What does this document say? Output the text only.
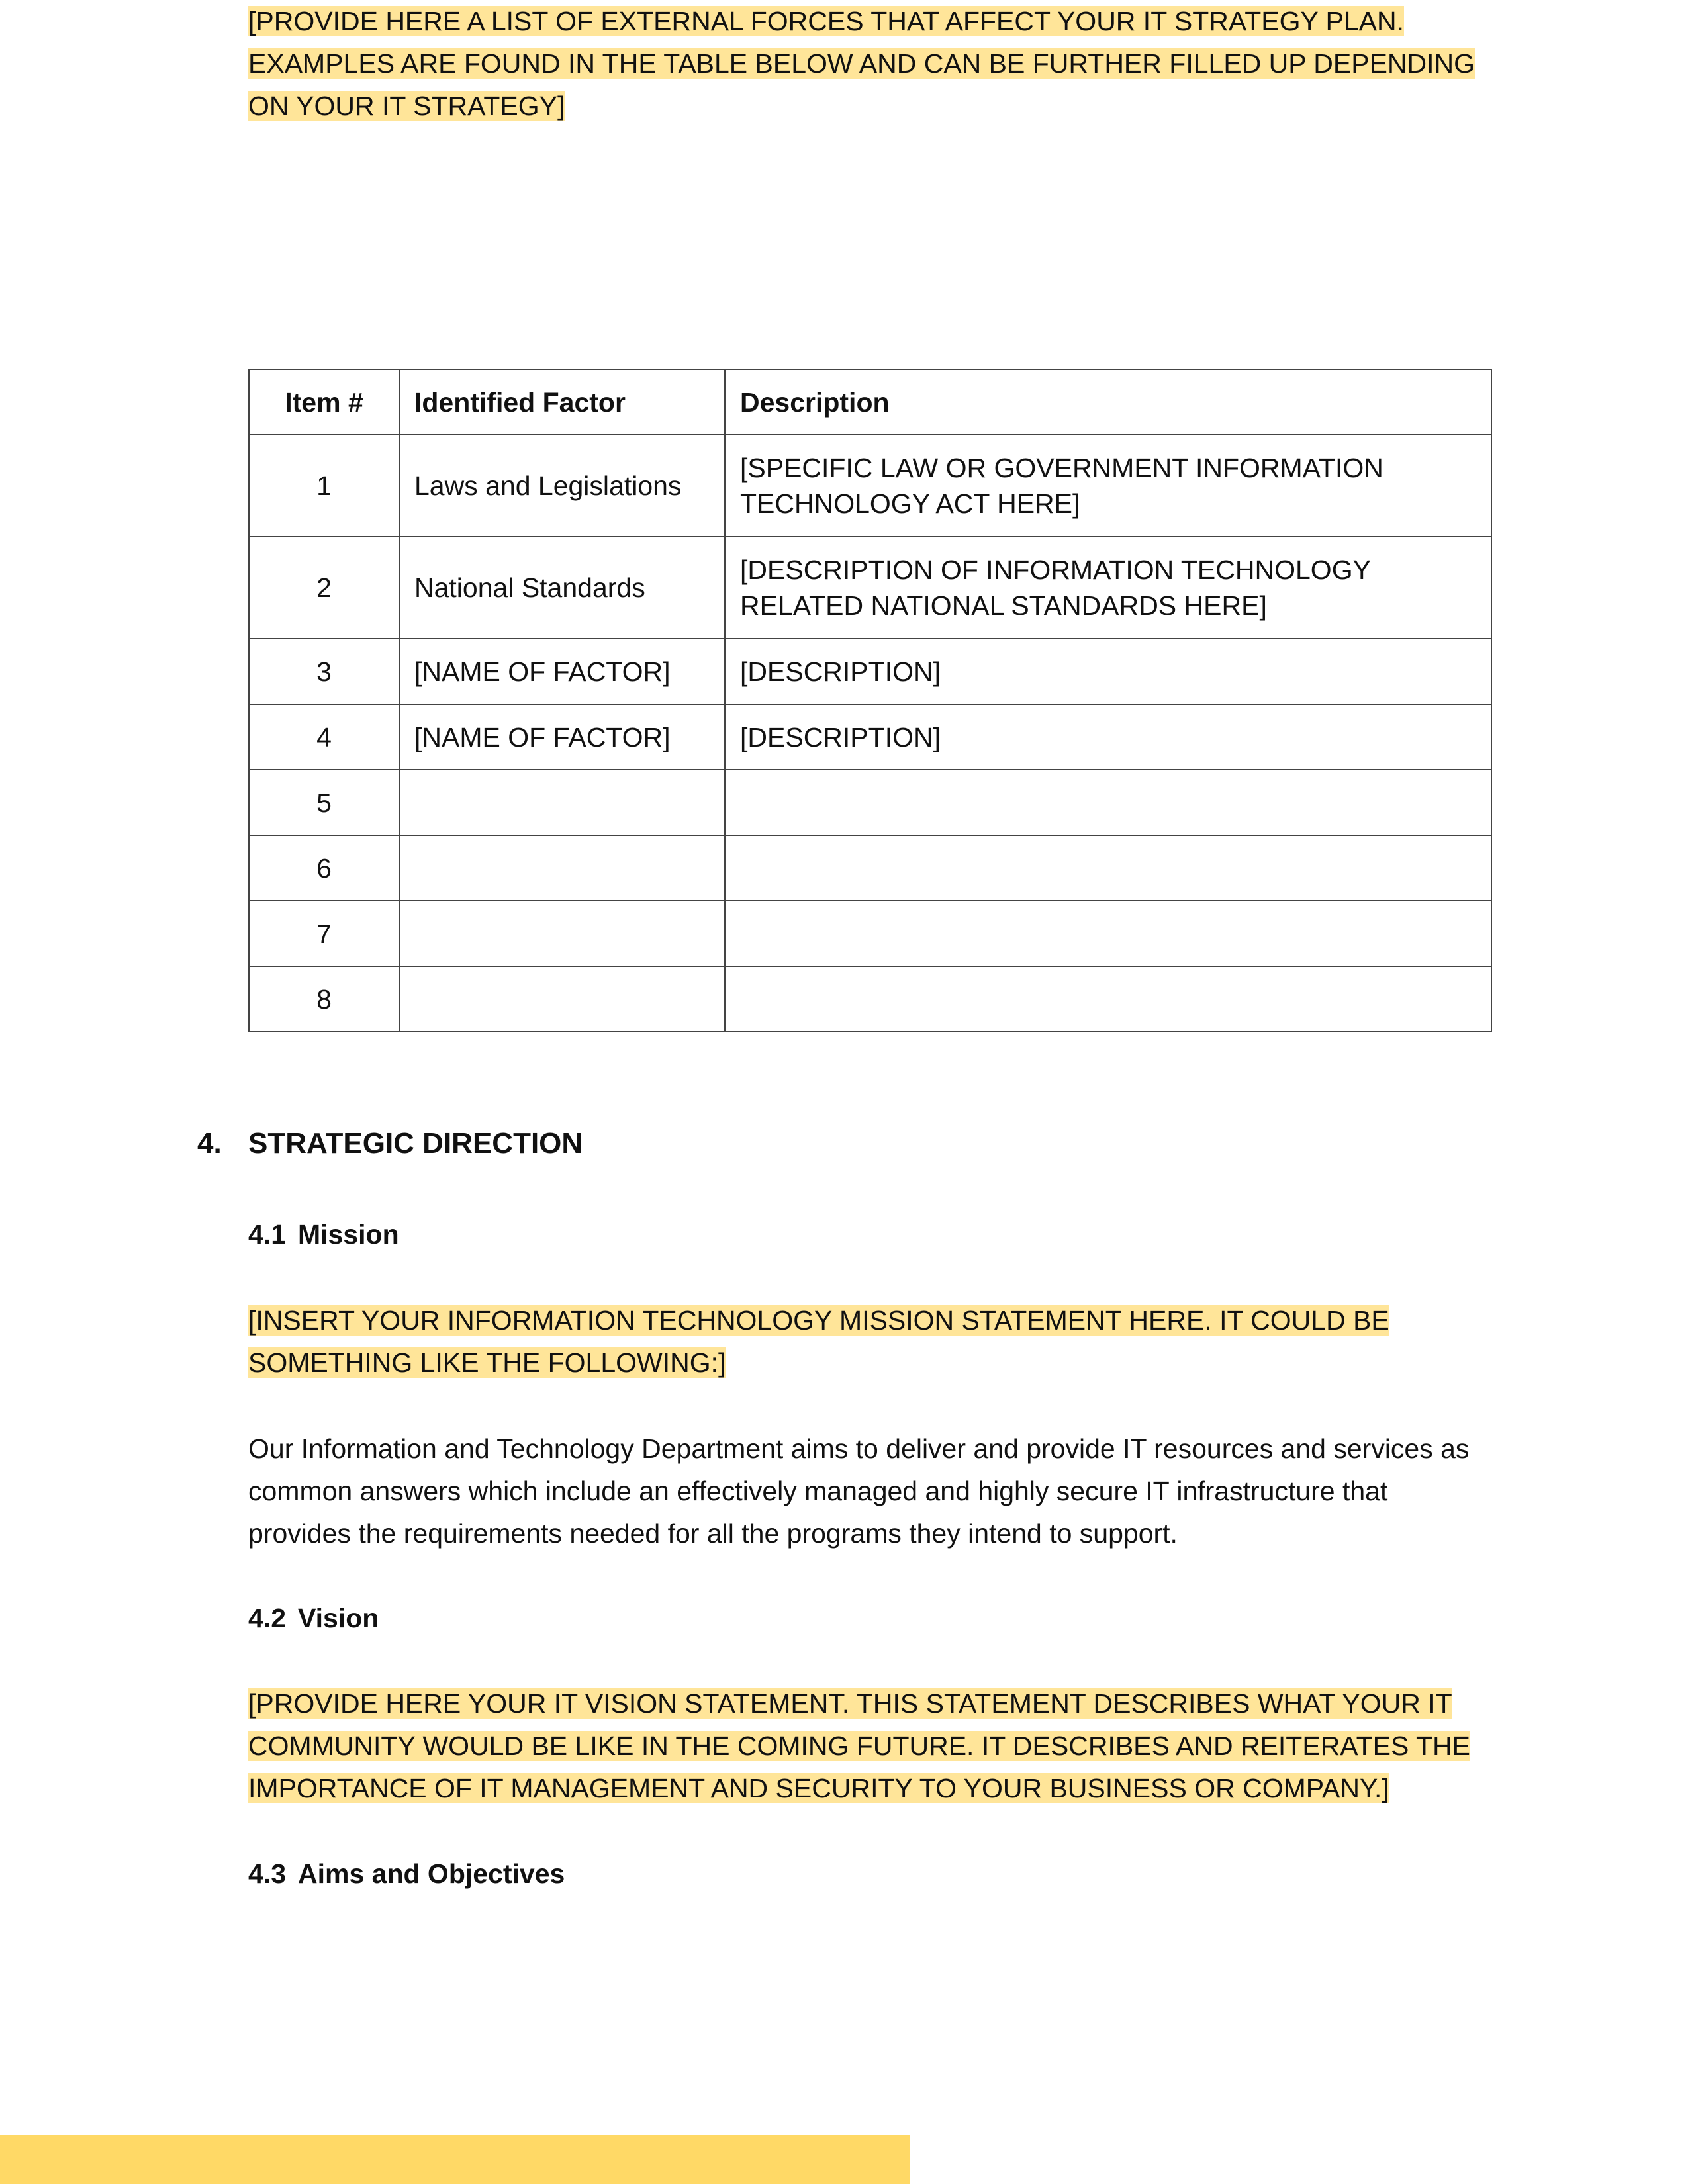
[PROVIDE HERE A LIST OF EXTERNAL FORCES THAT AFFECT YOUR IT STRATEGY PLAN. EXAMPLES ARE FOUND IN THE TABLE BELOW AND CAN BE FURTHER FILLED UP DEPENDING ON YOUR IT STRATEGY]

Item #	Identified Factor	Description
1	Laws and Legislations	[SPECIFIC LAW OR GOVERNMENT INFORMATION TECHNOLOGY ACT HERE]
2	National Standards	[DESCRIPTION OF INFORMATION TECHNOLOGY RELATED NATIONAL STANDARDS HERE]
3	[NAME OF FACTOR]	[DESCRIPTION]
4	[NAME OF FACTOR]	[DESCRIPTION]
5		
6		
7		
8		
4. STRATEGIC DIRECTION
4.1 Mission

[INSERT YOUR INFORMATION TECHNOLOGY MISSION STATEMENT HERE. IT COULD BE SOMETHING LIKE THE FOLLOWING:]

Our Information and Technology Department aims to deliver and provide IT resources and services as common answers which include an effectively managed and highly secure IT infrastructure that provides the requirements needed for all the programs they intend to support.

4.2 Vision

[PROVIDE HERE YOUR IT VISION STATEMENT. THIS STATEMENT DESCRIBES WHAT YOUR IT COMMUNITY WOULD BE LIKE IN THE COMING FUTURE. IT DESCRIBES AND REITERATES THE IMPORTANCE OF IT MANAGEMENT AND SECURITY TO YOUR BUSINESS OR COMPANY.]

4.3 Aims and Objectives
